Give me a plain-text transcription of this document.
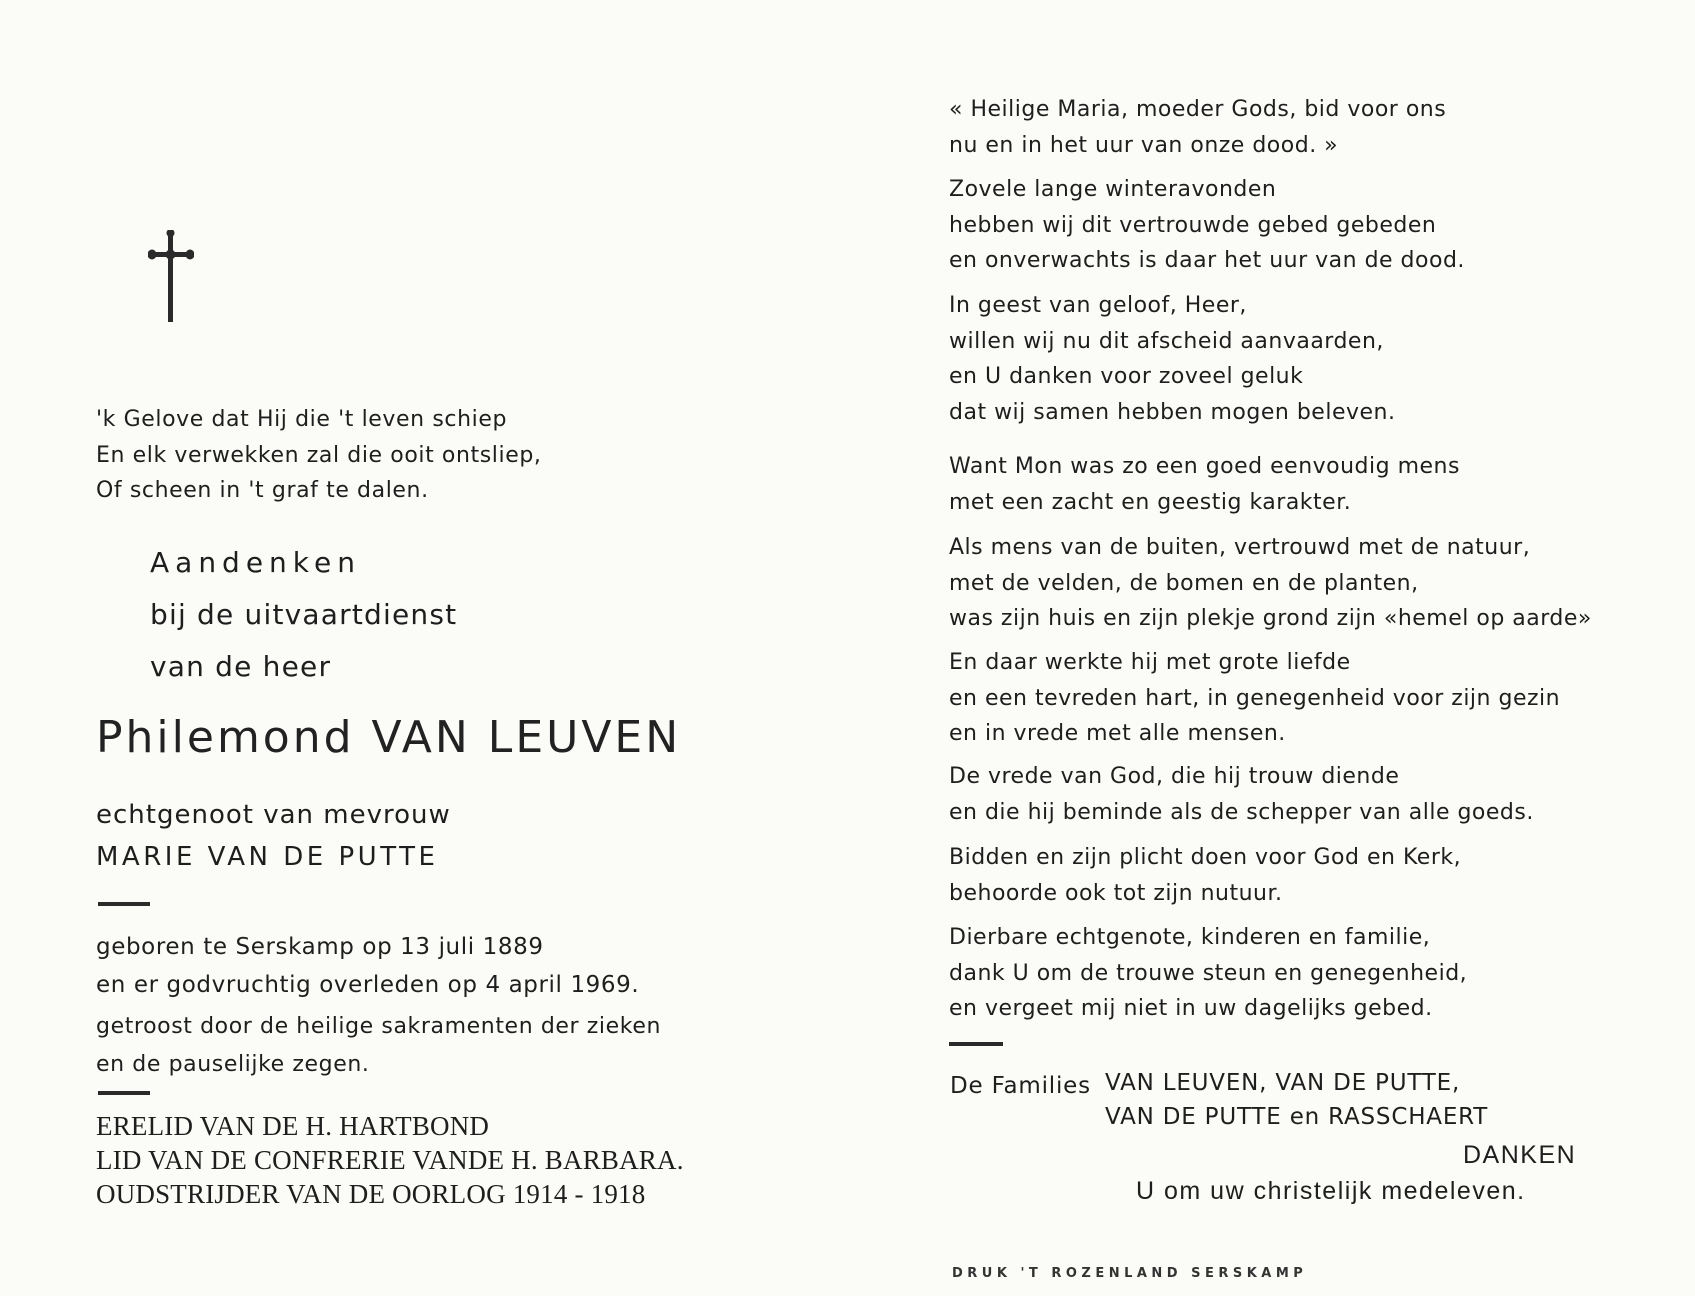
'k Gelove dat Hij die 't leven schiep
En elk verwekken zal die ooit ontsliep,
Of scheen in 't graf te dalen.
Aandenken
bij de uitvaartdienst
van de heer
Philemond VAN LEUVEN
echtgenoot van mevrouw
MARIE VAN DE PUTTE
geboren te Serskamp op 13 juli 1889
en er godvruchtig overleden op 4 april 1969.
getroost door de heilige sakramenten der zieken
en de pauselijke zegen.
ERELID VAN DE H. HARTBOND
LID VAN DE CONFRERIE VANDE H. BARBARA.
OUDSTRIJDER VAN DE OORLOG 1914 - 1918
« Heilige Maria, moeder Gods, bid voor ons
nu en in het uur van onze dood. »
Zovele lange winteravonden
hebben wij dit vertrouwde gebed gebeden
en onverwachts is daar het uur van de dood.
In geest van geloof, Heer,
willen wij nu dit afscheid aanvaarden,
en U danken voor zoveel geluk
dat wij samen hebben mogen beleven.
Want Mon was zo een goed eenvoudig mens
met een zacht en geestig karakter.
Als mens van de buiten, vertrouwd met de natuur,
met de velden, de bomen en de planten,
was zijn huis en zijn plekje grond zijn «hemel op aarde»
En daar werkte hij met grote liefde
en een tevreden hart, in genegenheid voor zijn gezin
en in vrede met alle mensen.
De vrede van God, die hij trouw diende
en die hij beminde als de schepper van alle goeds.
Bidden en zijn plicht doen voor God en Kerk,
behoorde ook tot zijn nutuur.
Dierbare echtgenote, kinderen en familie,
dank U om de trouwe steun en genegenheid,
en vergeet mij niet in uw dagelijks gebed.
De Families VAN LEUVEN, VAN DE PUTTE,
VAN DE PUTTE en RASSCHAERT
DANKEN
U om uw christelijk medeleven.
DRUK 'T ROZENLAND SERSKAMP
